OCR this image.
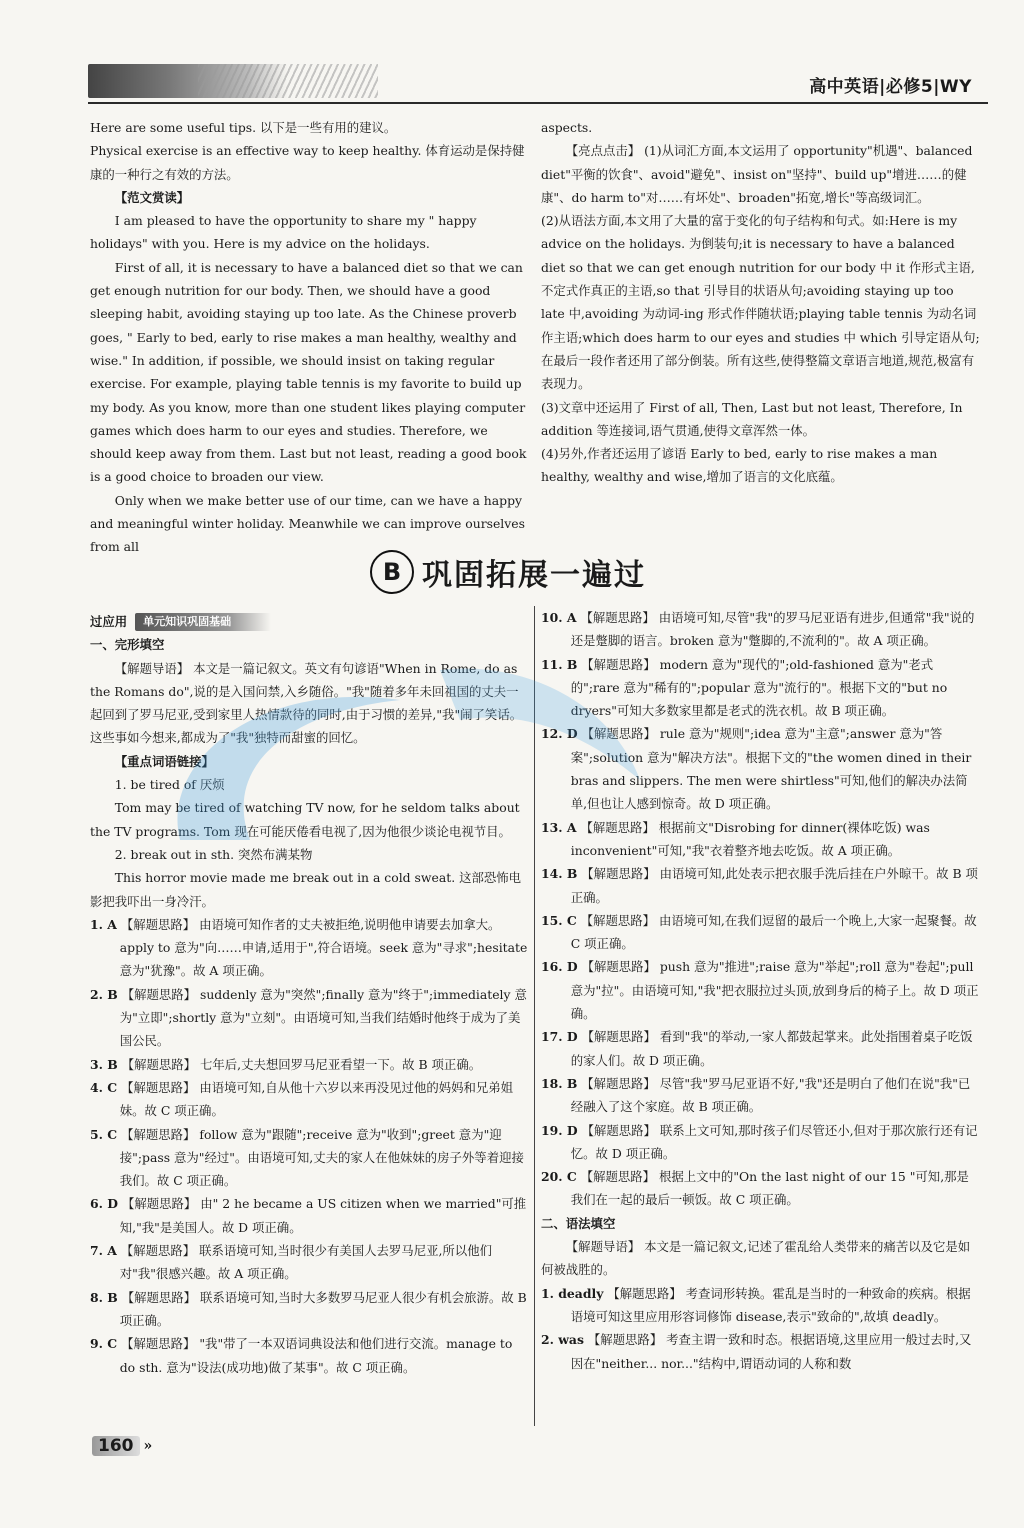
高中英语|必修5|WY

Here are some useful tips. 以下是一些有用的建议。

Physical exercise is an effective way to keep healthy. 体育运动是保持健康的一种行之有效的方法。

【范文赏读】

I am pleased to have the opportunity to share my " happy holidays" with you. Here is my advice on the holidays.

First of all, it is necessary to have a balanced diet so that we can get enough nutrition for our body. Then, we should have a good sleeping habit, avoiding staying up too late. As the Chinese proverb goes, " Early to bed, early to rise makes a man healthy, wealthy and wise." In addition, if possible, we should insist on taking regular exercise. For example, playing table tennis is my favorite to build up my body. As you know, more than one student likes playing computer games which does harm to our eyes and studies. Therefore, we should keep away from them. Last but not least, reading a good book is a good choice to broaden our view.

Only when we make better use of our time, can we have a happy and meaningful winter holiday. Meanwhile we can improve ourselves from all

aspects.

【亮点点击】 (1)从词汇方面,本文运用了 opportunity"机遇"、balanced diet"平衡的饮食"、avoid"避免"、insist on"坚持"、build up"增进……的健康"、do harm to"对……有坏处"、broaden"拓宽,增长"等高级词汇。

(2)从语法方面,本文用了大量的富于变化的句子结构和句式。如:Here is my advice on the holidays. 为倒装句;it is necessary to have a balanced diet so that we can get enough nutrition for our body 中 it 作形式主语,不定式作真正的主语,so that 引导目的状语从句;avoiding staying up too late 中,avoiding 为动词-ing 形式作伴随状语;playing table tennis 为动名词作主语;which does harm to our eyes and studies 中 which 引导定语从句;在最后一段作者还用了部分倒装。所有这些,使得整篇文章语言地道,规范,极富有表现力。

(3)文章中还运用了 First of all, Then, Last but not least, Therefore, In addition 等连接词,语气贯通,使得文章浑然一体。

(4)另外,作者还运用了谚语 Early to bed, early to rise makes a man healthy, wealthy and wise,增加了语言的文化底蕴。

B 巩固拓展一遍过
过应用	单元知识巩固基础

一、完形填空

【解题导语】 本文是一篇记叙文。英文有句谚语"When in Rome, do as the Romans do",说的是入国问禁,入乡随俗。"我"随着多年未回祖国的丈夫一起回到了罗马尼亚,受到家里人热情款待的同时,由于习惯的差异,"我"闹了笑话。这些事如今想来,都成为了"我"独特而甜蜜的回忆。

【重点词语链接】

1. be tired of 厌烦

Tom may be tired of watching TV now, for he seldom talks about the TV programs. Tom 现在可能厌倦看电视了,因为他很少谈论电视节目。

2. break out in sth. 突然布满某物

This horror movie made me break out in a cold sweat. 这部恐怖电影把我吓出一身冷汗。

1. A 【解题思路】 由语境可知作者的丈夫被拒绝,说明他申请要去加拿大。apply to 意为"向……申请,适用于",符合语境。seek 意为"寻求";hesitate 意为"犹豫"。故 A 项正确。

2. B 【解题思路】 suddenly 意为"突然";finally 意为"终于";immediately 意为"立即";shortly 意为"立刻"。由语境可知,当我们结婚时他终于成为了美国公民。

3. B 【解题思路】 七年后,丈夫想回罗马尼亚看望一下。故 B 项正确。

4. C 【解题思路】 由语境可知,自从他十六岁以来再没见过他的妈妈和兄弟姐妹。故 C 项正确。

5. C 【解题思路】 follow 意为"跟随";receive 意为"收到";greet 意为"迎接";pass 意为"经过"。由语境可知,丈夫的家人在他妹妹的房子外等着迎接我们。故 C 项正确。

6. D 【解题思路】 由" 2 he became a US citizen when we married"可推知,"我"是美国人。故 D 项正确。

7. A 【解题思路】 联系语境可知,当时很少有美国人去罗马尼亚,所以他们对"我"很感兴趣。故 A 项正确。

8. B 【解题思路】 联系语境可知,当时大多数罗马尼亚人很少有机会旅游。故 B 项正确。

9. C 【解题思路】 "我"带了一本双语词典设法和他们进行交流。manage to do sth. 意为"设法(成功地)做了某事"。故 C 项正确。

10. A 【解题思路】 由语境可知,尽管"我"的罗马尼亚语有进步,但通常"我"说的还是蹩脚的语言。broken 意为"蹩脚的,不流利的"。故 A 项正确。

11. B 【解题思路】 modern 意为"现代的";old-fashioned 意为"老式的";rare 意为"稀有的";popular 意为"流行的"。根据下文的"but no dryers"可知大多数家里都是老式的洗衣机。故 B 项正确。

12. D 【解题思路】 rule 意为"规则";idea 意为"主意";answer 意为"答案";solution 意为"解决方法"。根据下文的"the women dined in their bras and slippers. The men were shirtless"可知,他们的解决办法简单,但也让人感到惊奇。故 D 项正确。

13. A 【解题思路】 根据前文"Disrobing for dinner(裸体吃饭) was inconvenient"可知,"我"衣着整齐地去吃饭。故 A 项正确。

14. B 【解题思路】 由语境可知,此处表示把衣服手洗后挂在户外晾干。故 B 项正确。

15. C 【解题思路】 由语境可知,在我们逗留的最后一个晚上,大家一起聚餐。故 C 项正确。

16. D 【解题思路】 push 意为"推进";raise 意为"举起";roll 意为"卷起";pull 意为"拉"。由语境可知,"我"把衣服拉过头顶,放到身后的椅子上。故 D 项正确。

17. D 【解题思路】 看到"我"的举动,一家人都鼓起掌来。此处指围着桌子吃饭的家人们。故 D 项正确。

18. B 【解题思路】 尽管"我"罗马尼亚语不好,"我"还是明白了他们在说"我"已经融入了这个家庭。故 B 项正确。

19. D 【解题思路】 联系上文可知,那时孩子们尽管还小,但对于那次旅行还有记忆。故 D 项正确。

20. C 【解题思路】 根据上文中的"On the last night of our 15 "可知,那是我们在一起的最后一顿饭。故 C 项正确。

二、语法填空

【解题导语】 本文是一篇记叙文,记述了霍乱给人类带来的痛苦以及它是如何被战胜的。

1. deadly 【解题思路】 考查词形转换。霍乱是当时的一种致命的疾病。根据语境可知这里应用形容词修饰 disease,表示"致命的",故填 deadly。

2. was 【解题思路】 考查主谓一致和时态。根据语境,这里应用一般过去时,又因在"neither... nor..."结构中,谓语动词的人称和数

160 »
